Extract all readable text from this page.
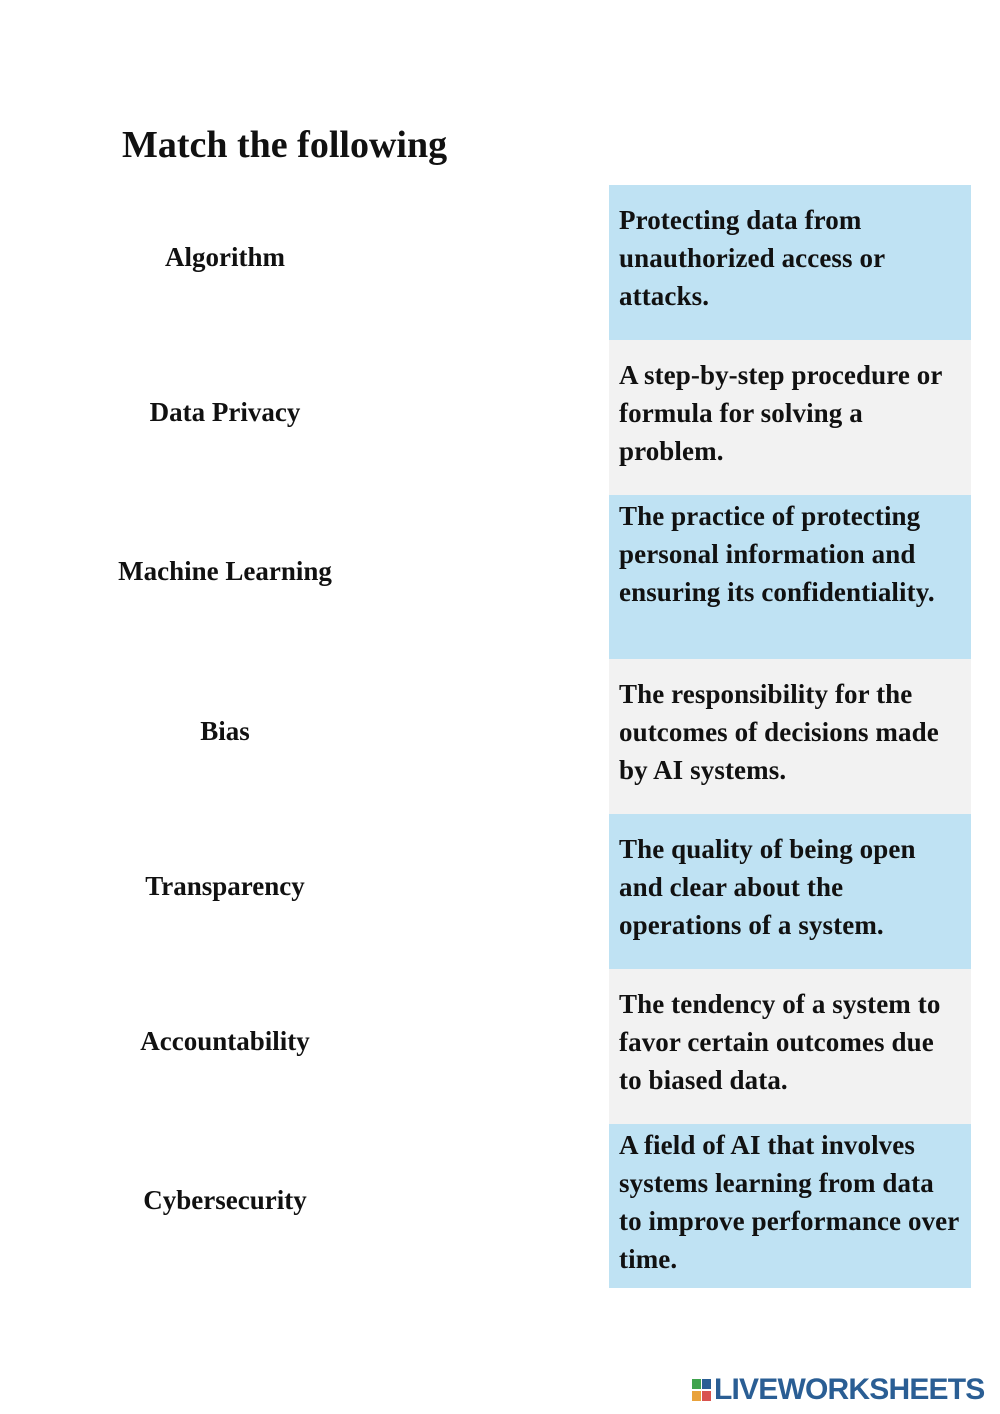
Match the following
Algorithm
Data Privacy
Machine Learning
Bias
Transparency
Accountability
Cybersecurity
Protecting data from unauthorized access or attacks.
A step-by-step procedure or formula for solving a problem.
The practice of protecting personal information and ensuring its confidentiality.
The responsibility for the outcomes of decisions made by AI systems.
The quality of being open and clear about the operations of a system.
The tendency of a system to favor certain outcomes due to biased data.
A field of AI that involves systems learning from data to improve performance over time.
LIVEWORKSHEETS
